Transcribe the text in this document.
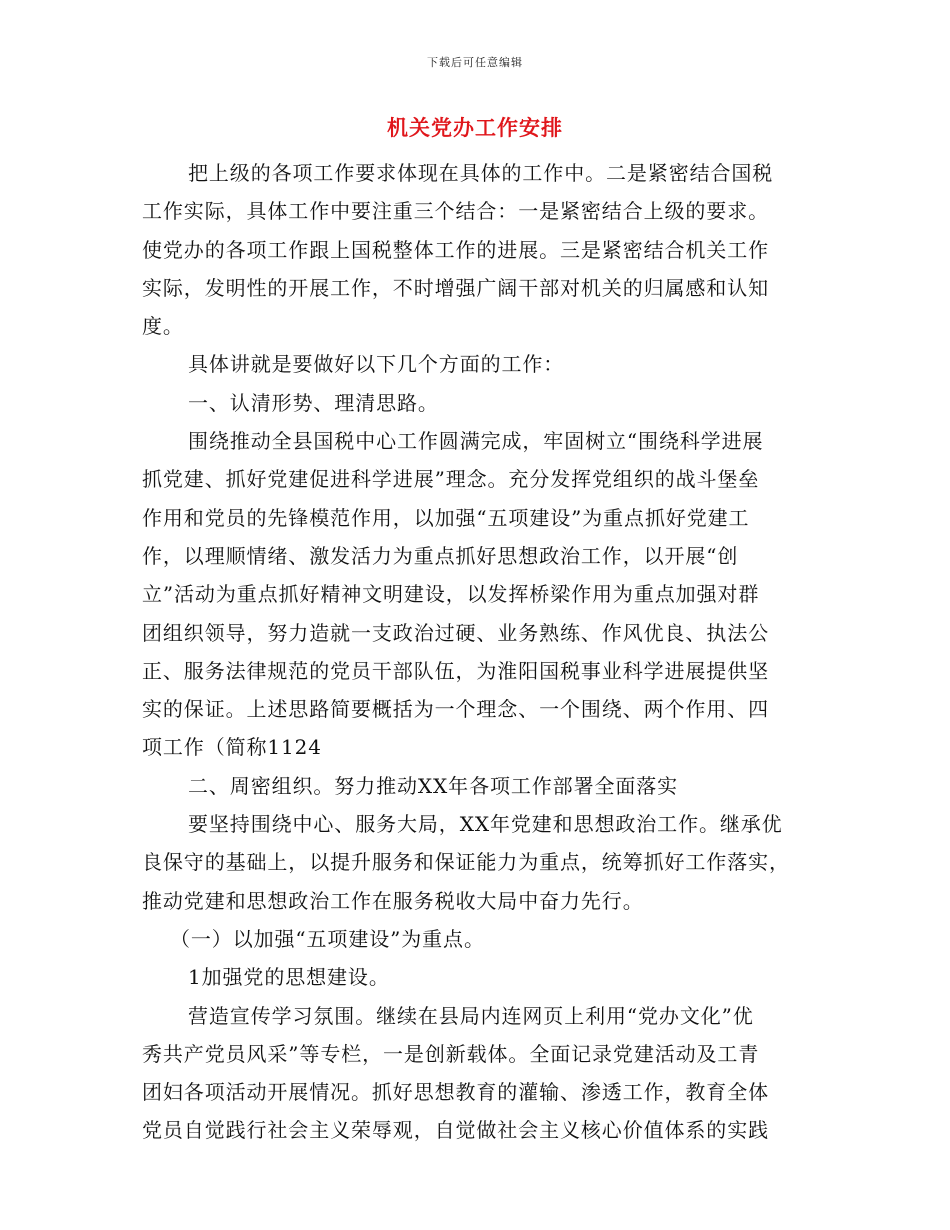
下载后可任意编辑
机关党办工作安排
把上级的各项工作要求体现在具体的工作中。二是紧密结合国税
工作实际，具体工作中要注重三个结合：一是紧密结合上级的要求。
使党办的各项工作跟上国税整体工作的进展。三是紧密结合机关工作
实际，发明性的开展工作，不时增强广阔干部对机关的归属感和认知
度。
具体讲就是要做好以下几个方面的工作：
一、认清形势、理清思路。
围绕推动全县国税中心工作圆满完成，牢固树立“围绕科学进展
抓党建、抓好党建促进科学进展”理念。充分发挥党组织的战斗堡垒
作用和党员的先锋模范作用，以加强“五项建设”为重点抓好党建工
作，以理顺情绪、激发活力为重点抓好思想政治工作，以开展“创
立”活动为重点抓好精神文明建设，以发挥桥梁作用为重点加强对群
团组织领导，努力造就一支政治过硬、业务熟练、作风优良、执法公
正、服务法律规范的党员干部队伍，为淮阳国税事业科学进展提供坚
实的保证。上述思路简要概括为一个理念、一个围绕、两个作用、四
项工作（简称1124
二、周密组织。努力推动XX年各项工作部署全面落实
要坚持围绕中心、服务大局，XX年党建和思想政治工作。继承优
良保守的基础上，以提升服务和保证能力为重点，统筹抓好工作落实，
推动党建和思想政治工作在服务税收大局中奋力先行。
（一）以加强“五项建设”为重点。
1加强党的思想建设。
营造宣传学习氛围。继续在县局内连网页上利用“党办文化”优
秀共产党员风采”等专栏，一是创新载体。全面记录党建活动及工青
团妇各项活动开展情况。抓好思想教育的灌输、渗透工作，教育全体
党员自觉践行社会主义荣辱观，自觉做社会主义核心价值体系的实践
